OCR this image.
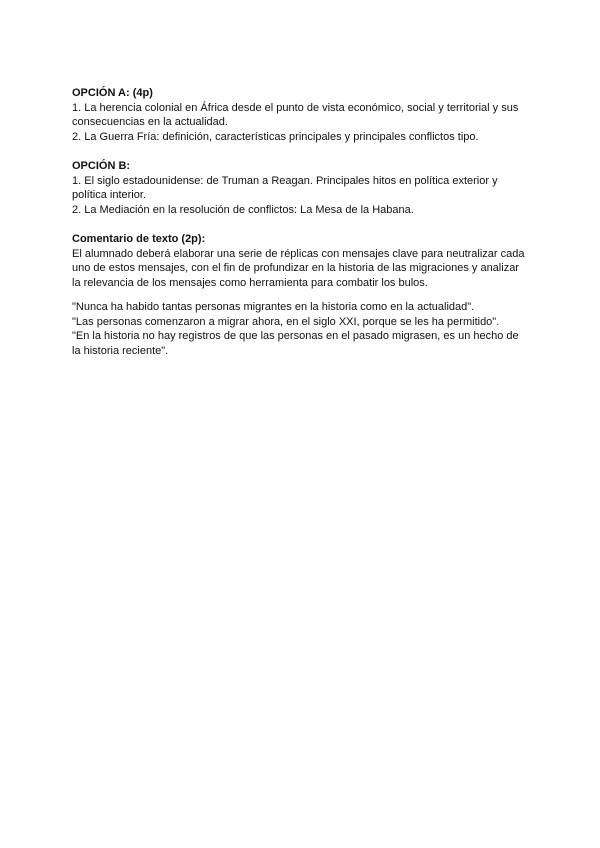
OPCIÓN A: (4p)

1. La herencia colonial en África desde el punto de vista económico, social y territorial y sus consecuencias en la actualidad.

2. La Guerra Fría: definición, características principales y principales conflictos tipo.

OPCIÓN B:

1. El siglo estadounidense: de Truman a Reagan. Principales hitos en política exterior y política interior.

2. La Mediación en la resolución de conflictos: La Mesa de la Habana.

Comentario de texto (2p):

El alumnado deberá elaborar una serie de réplicas con mensajes clave para neutralizar cada uno de estos mensajes, con el fin de profundizar en la historia de las migraciones y analizar la relevancia de los mensajes como herramienta para combatir los bulos.

"Nunca ha habido tantas personas migrantes en la historia como en la actualidad".

"Las personas comenzaron a migrar ahora, en el siglo XXI, porque se les ha permitido".

"En la historia no hay registros de que las personas en el pasado migrasen, es un hecho de la historia reciente".
